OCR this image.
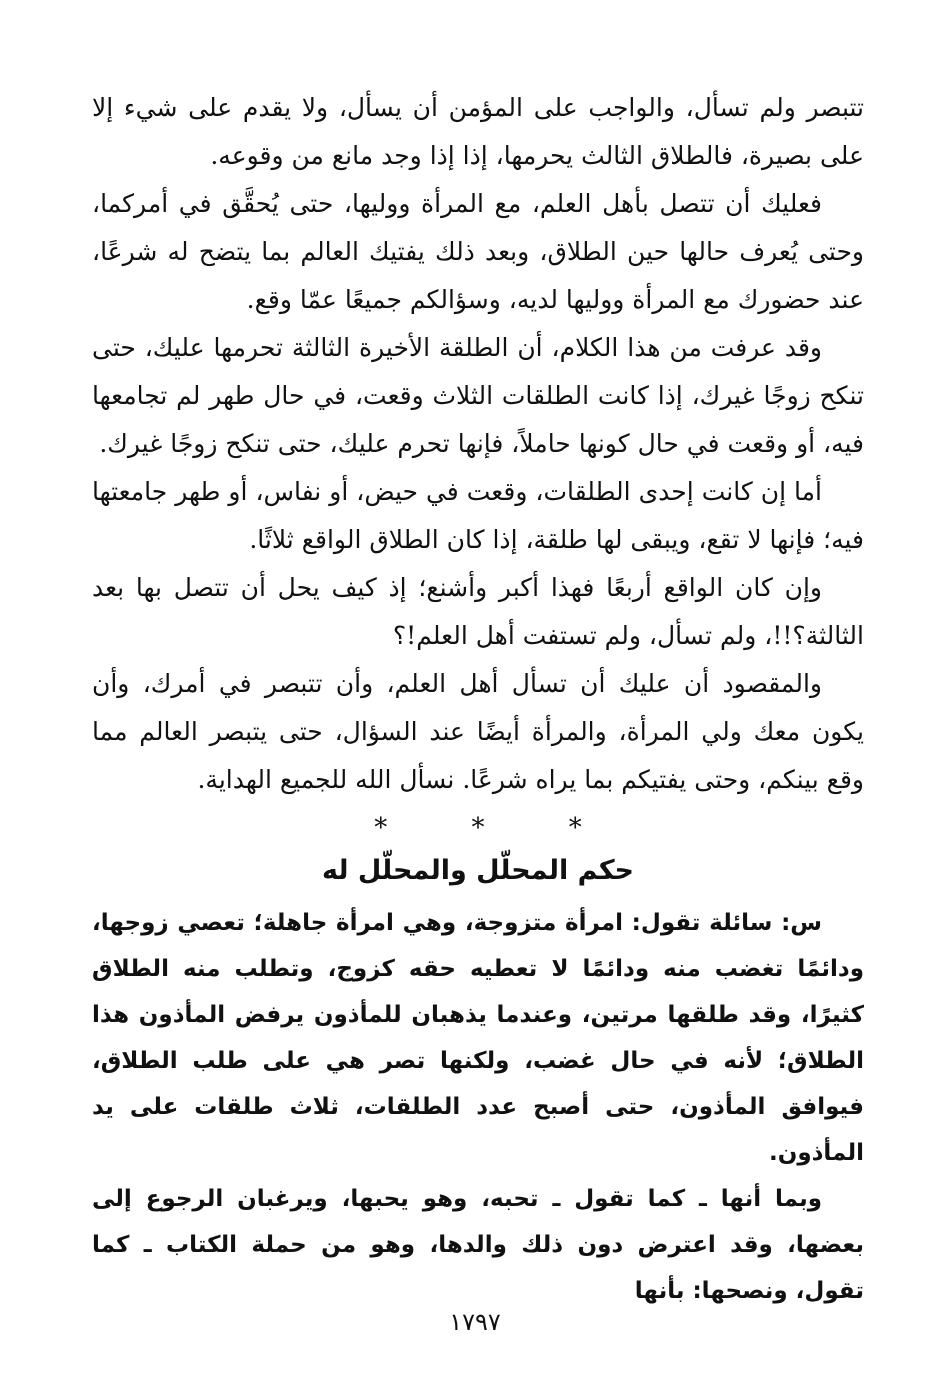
تتبصر ولم تسأل، والواجب على المؤمن أن يسأل، ولا يقدم على شيء إلا على بصيرة، فالطلاق الثالث يحرمها، إذا إذا وجد مانع من وقوعه.

فعليك أن تتصل بأهل العلم، مع المرأة ووليها، حتى يُحقَّق في أمركما، وحتى يُعرف حالها حين الطلاق، وبعد ذلك يفتيك العالم بما يتضح له شرعًا، عند حضورك مع المرأة ووليها لديه، وسؤالكم جميعًا عمّا وقع.

وقد عرفت من هذا الكلام، أن الطلقة الأخيرة الثالثة تحرمها عليك، حتى تنكح زوجًا غيرك، إذا كانت الطلقات الثلاث وقعت، في حال طهر لم تجامعها فيه، أو وقعت في حال كونها حاملاً، فإنها تحرم عليك، حتى تنكح زوجًا غيرك.

أما إن كانت إحدى الطلقات، وقعت في حيض، أو نفاس، أو طهر جامعتها فيه؛ فإنها لا تقع، ويبقى لها طلقة، إذا كان الطلاق الواقع ثلاثًا.

وإن كان الواقع أربعًا فهذا أكبر وأشنع؛ إذ كيف يحل أن تتصل بها بعد الثالثة؟!!، ولم تسأل، ولم تستفت أهل العلم!؟

والمقصود أن عليك أن تسأل أهل العلم، وأن تتبصر في أمرك، وأن يكون معك ولي المرأة، والمرأة أيضًا عند السؤال، حتى يتبصر العالم مما وقع بينكم، وحتى يفتيكم بما يراه شرعًا. نسأل الله للجميع الهداية.

*	*	*
حكم المحلّل والمحلّل له

س: سائلة تقول: امرأة متزوجة، وهي امرأة جاهلة؛ تعصي زوجها، ودائمًا تغضب منه ودائمًا لا تعطيه حقه كزوج، وتطلب منه الطلاق كثيرًا، وقد طلقها مرتين، وعندما يذهبان للمأذون يرفض المأذون هذا الطلاق؛ لأنه في حال غضب، ولكنها تصر هي على طلب الطلاق، فيوافق المأذون، حتى أصبح عدد الطلقات، ثلاث طلقات على يد المأذون.

وبما أنها ـ كما تقول ـ تحبه، وهو يحبها، ويرغبان الرجوع إلى بعضها، وقد اعترض دون ذلك والدها، وهو من حملة الكتاب ـ كما تقول، ونصحها: بأنها

١٧٩٧
